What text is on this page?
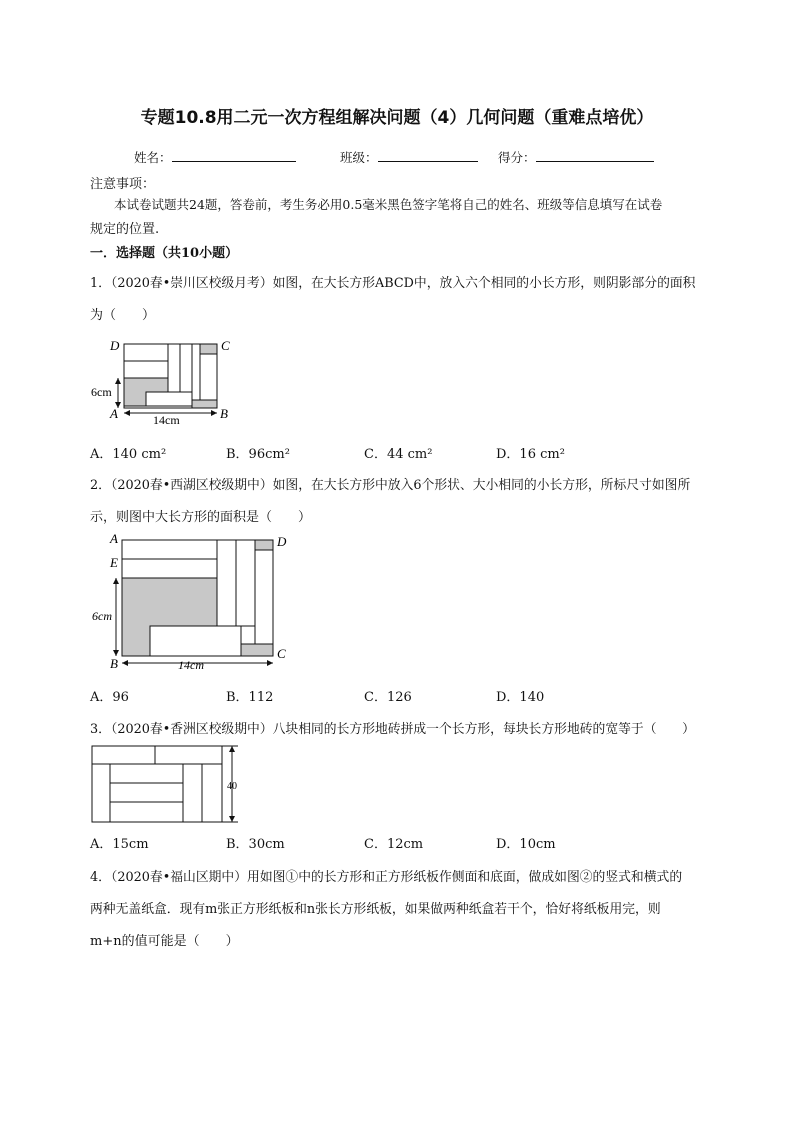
专题10.8用二元一次方程组解决问题（4）几何问题（重难点培优）
姓名：	班级：	得分：
注意事项：
本试卷试题共24题，答卷前，考生务必用0.5毫米黑色签字笔将自己的姓名、班级等信息填写在试卷
规定的位置.
一．选择题（共10小题）
1．（2020春•崇川区校级月考）如图，在大长方形ABCD中，放入六个相同的小长方形，则阴影部分的面积
为（　　）
D	C
A	B
6cm
14cm
A．140 cm²	B．96cm²	C．44 cm²	D．16 cm²
2．（2020春•西湖区校级期中）如图，在大长方形中放入6个形状、大小相同的小长方形，所标尺寸如图所
示，则图中大长方形的面积是（　　）
A	D
E
B
C
6cm
14cm
A．96	B．112	C．126	D．140
3．（2020春•香洲区校级期中）八块相同的长方形地砖拼成一个长方形，每块长方形地砖的宽等于（　　）
40
A．15cm	B．30cm	C．12cm	D．10cm
4．（2020春•福山区期中）用如图①中的长方形和正方形纸板作侧面和底面，做成如图②的竖式和横式的
两种无盖纸盒．现有m张正方形纸板和n张长方形纸板，如果做两种纸盒若干个，恰好将纸板用完，则
m+n的值可能是（　　）
